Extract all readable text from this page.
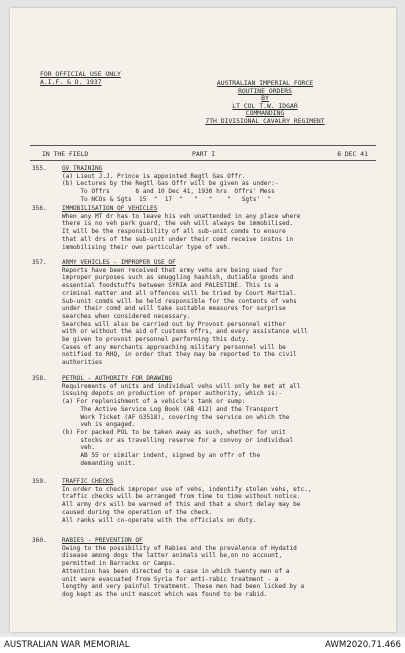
FOR OFFICIAL USE ONLY
A.I.F. & O. 1937	AUSTRALIAN IMPERIAL FORCE
ROUTINE ORDERS
BY
LT COL T.W. IDGAR
COMMANDING
7TH DIVISIONAL CAVALRY REGIMENT
IN THE FIELD	PART I	6 DEC 41
355.	GV TRAINING
(a) Lieut J.J. Prince is appointed Regtl Gas Offr.
(b) Lectures by the Regtl Gas Offr will be given as under:-
To Offrs       8 and 10 Dec 41, 1930 hrs  Offrs' Mess
To NCOs & Sgts  15  "  17  "   "   "    "   Sgts'  "
356.	IMMOBILISATION OF VEHICLES
When any MT dr has to leave his veh unattended in any place where
there is no veh park guard, the veh will always be immobilised.
It will be the responsibility of all sub-unit comds to ensure
that all drs of the sub-unit under their comd receive instns in
immobilising their own particular type of veh.
357.	ARMY VEHICLES - IMPROPER USE OF
Reports have been received that army vehs are being used for
improper purposes such as smuggling hashish, dutiable goods and
essential foodstuffs between SYRIA and PALESTINE. This is a
criminal matter and all offences will be tried by Court Martial.
Sub-unit comds will be held responsible for the contents of vehs
under their comd and will take suitable measures for surprise
searches when considered necessary.
Searches will also be carried out by Provost personnel either
with or without the aid of customs offrs, and every assistance will
be given to provost personnel performing this duty.
Cases of any merchants approaching military personnel will be
notified to RHQ, in order that they may be reported to the civil
authorities
358.	PETROL - AUTHORITY FOR DRAWING
Requirements of units and individual vehs will only be met at all
issuing depots on production of proper authority, which is:-
(a) For replenishment of a vehicle's tank or sump:
The Active Service Log Book (AB 412) and the Transport
Work Ticket (AF G3518), covering the service on which the
veh is engaged.
(b) For packed POL to be taken away as such, whether for unit
stocks or as travelling reserve for a convoy or individual
veh.
AB 55 or similar indent, signed by an offr of the
demanding unit.
359.	TRAFFIC CHECKS
In order to check improper use of vehs, indentify stolen vehs, etc.,
traffic checks will be arranged from time to time without notice.
All army drs will be warned of this and that a short delay may be
caused during the operation of the check.
All ranks will co-operate with the officials on duty.
360.	RABIES - PREVENTION OF
Owing to the possibility of Rabies and the prevalence of Hydatid
disease among dogs the latter animals will be,on no account,
permitted in Barracks or Camps.
Attention has been directed to a case in which twenty men of a
unit were evacuated from Syria for anti-rabic treatment - a
lengthy and very painful treatment. These men had been licked by a
dog kept as the unit mascot which was found to be rabid.
AUSTRALIAN WAR MEMORIAL	AWM2020.71.466
